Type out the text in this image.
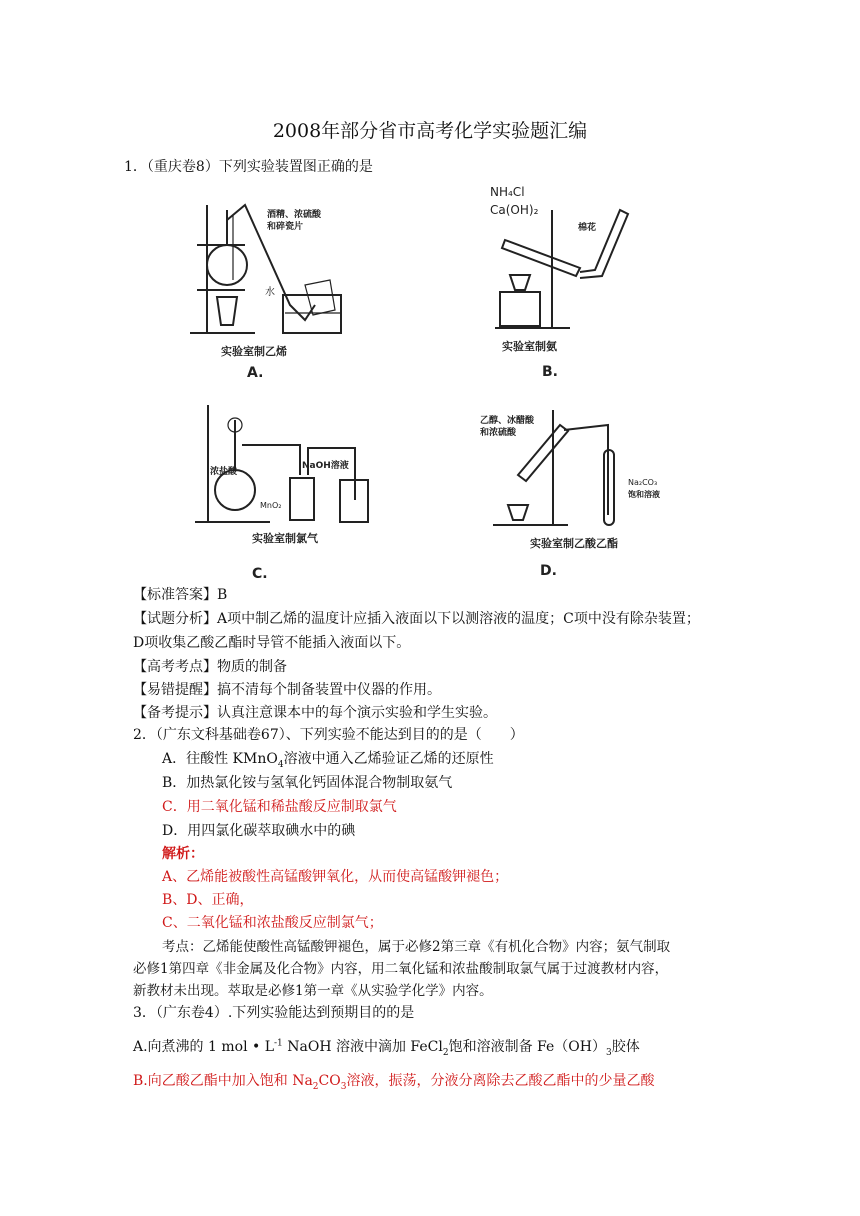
2008年部分省市高考化学实验题汇编
1．（重庆卷8）下列实验装置图正确的是
水
酒精、浓硫酸
和碎瓷片
实验室制乙烯
A.
NH₄Cl
Ca(OH)₂
棉花
实验室制氨
B.
浓盐酸
MnO₂
NaOH溶液
实验室制氯气
C.
乙醇、冰醋酸
和浓硫酸
Na₂CO₃
饱和溶液
实验室制乙酸乙酯
D.
【标准答案】B
【试题分析】A项中制乙烯的温度计应插入液面以下以测溶液的温度；C项中没有除杂装置；
D项收集乙酸乙酯时导管不能插入液面以下。
【高考考点】物质的制备
【易错提醒】搞不清每个制备装置中仪器的作用。
【备考提示】认真注意课本中的每个演示实验和学生实验。
2．（广东文科基础卷67）、下列实验不能达到目的的是（　　）
A．往酸性 KMnO$_4$溶液中通入乙烯验证乙烯的还原性
B．加热氯化铵与氢氧化钙固体混合物制取氨气
C．用二氧化锰和稀盐酸反应制取氯气
D．用四氯化碳萃取碘水中的碘
解析：
A、乙烯能被酸性高锰酸钾氧化，从而使高锰酸钾褪色；
B、D、正确，
C、二氧化锰和浓盐酸反应制氯气；
考点：乙烯能使酸性高锰酸钾褪色，属于必修2第三章《有机化合物》内容；氨气制取
必修1第四章《非金属及化合物》内容，用二氧化锰和浓盐酸制取氯气属于过渡教材内容，
新教材未出现。萃取是必修1第一章《从实验学化学》内容。
3．（广东卷4）.下列实验能达到预期目的的是
A.向煮沸的 1 mol • $L^{-1}$ NaOH 溶液中滴加 FeCl$_2$饱和溶液制备 $Fe(OH)_3$胶体
B.向乙酸乙酯中加入饱和 $Na_2CO_3$溶液，振荡，分液分离除去乙酸乙酯中的少量乙酸
